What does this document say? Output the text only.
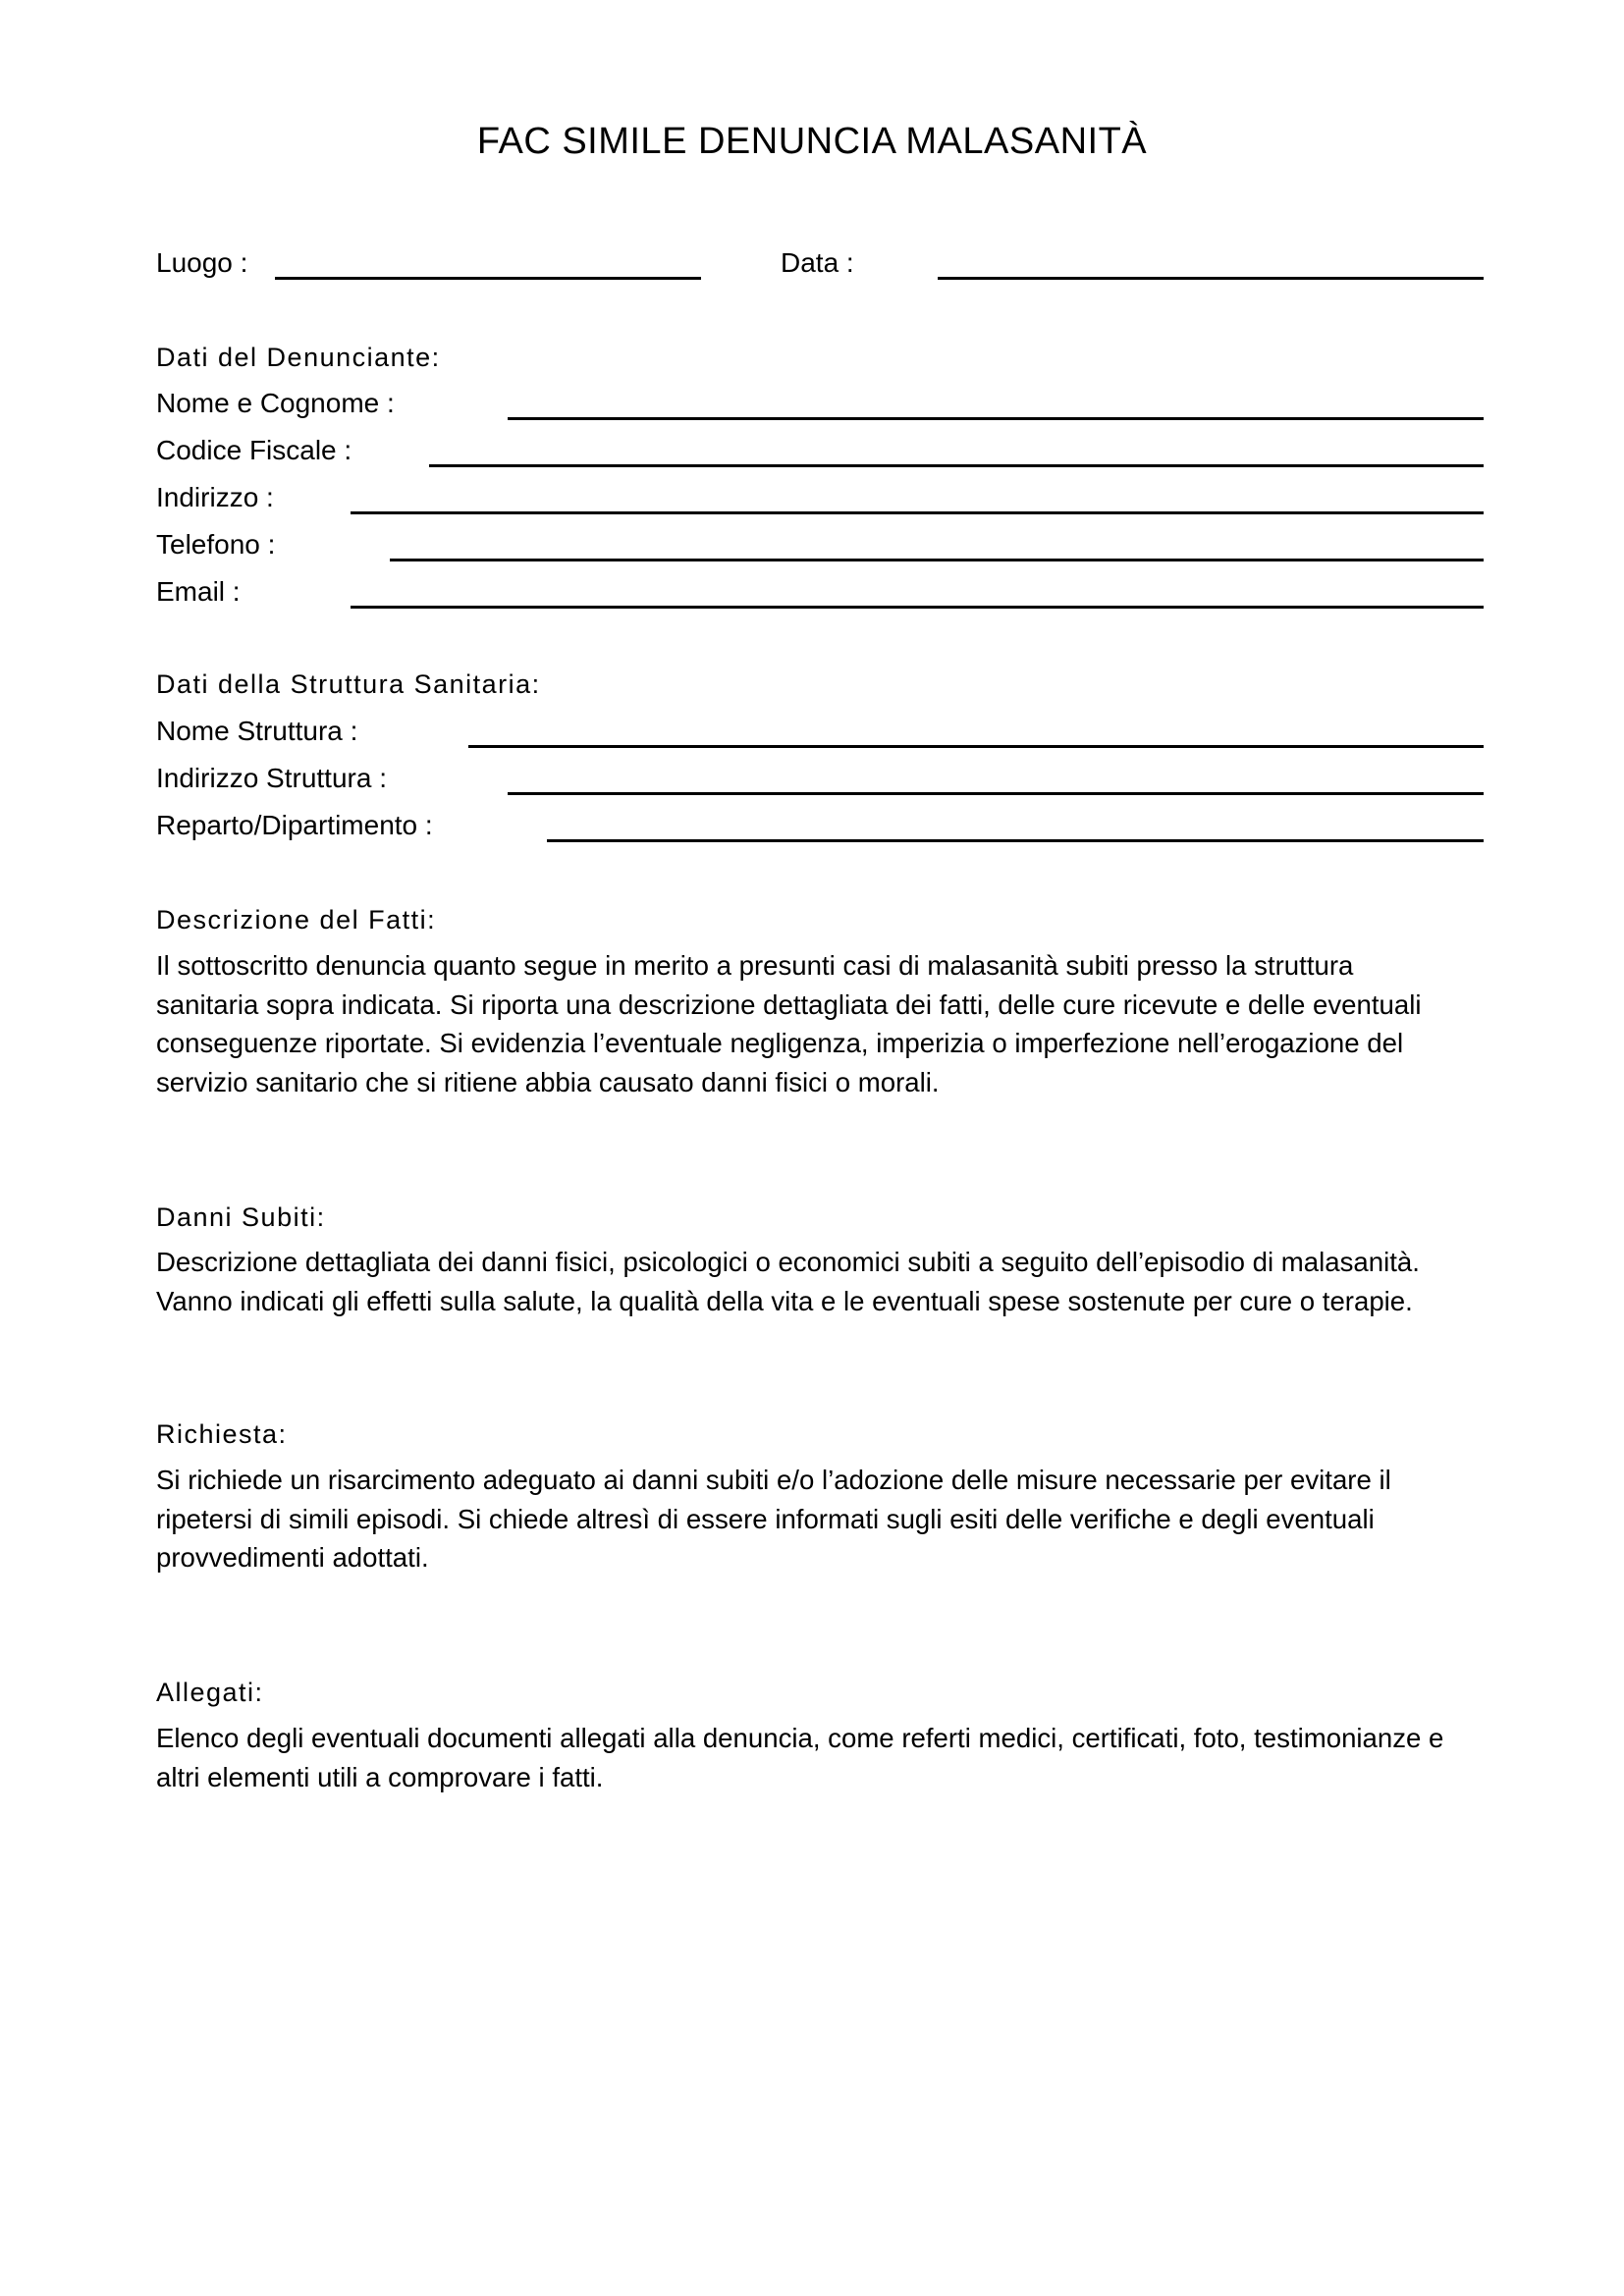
FAC SIMILE DENUNCIA MALASANITÀ
Luogo :	Data :
Dati del Denunciante:
Nome e Cognome :
Codice Fiscale :
Indirizzo :
Telefono :
Email :
Dati della Struttura Sanitaria:
Nome Struttura :
Indirizzo Struttura :
Reparto/Dipartimento :
Descrizione del Fatti:
Il sottoscritto denuncia quanto segue in merito a presunti casi di malasanità subiti presso la struttura
sanitaria sopra indicata. Si riporta una descrizione dettagliata dei fatti, delle cure ricevute e delle eventuali
conseguenze riportate. Si evidenzia l’eventuale negligenza, imperizia o imperfezione nell’erogazione del
servizio sanitario che si ritiene abbia causato danni fisici o morali.
Danni Subiti:
Descrizione dettagliata dei danni fisici, psicologici o economici subiti a seguito dell’episodio di malasanità.
Vanno indicati gli effetti sulla salute, la qualità della vita e le eventuali spese sostenute per cure o terapie.
Richiesta:
Si richiede un risarcimento adeguato ai danni subiti e/o l’adozione delle misure necessarie per evitare il
ripetersi di simili episodi. Si chiede altresì di essere informati sugli esiti delle verifiche e degli eventuali
provvedimenti adottati.
Allegati:
Elenco degli eventuali documenti allegati alla denuncia, come referti medici, certificati, foto, testimonianze e
altri elementi utili a comprovare i fatti.
